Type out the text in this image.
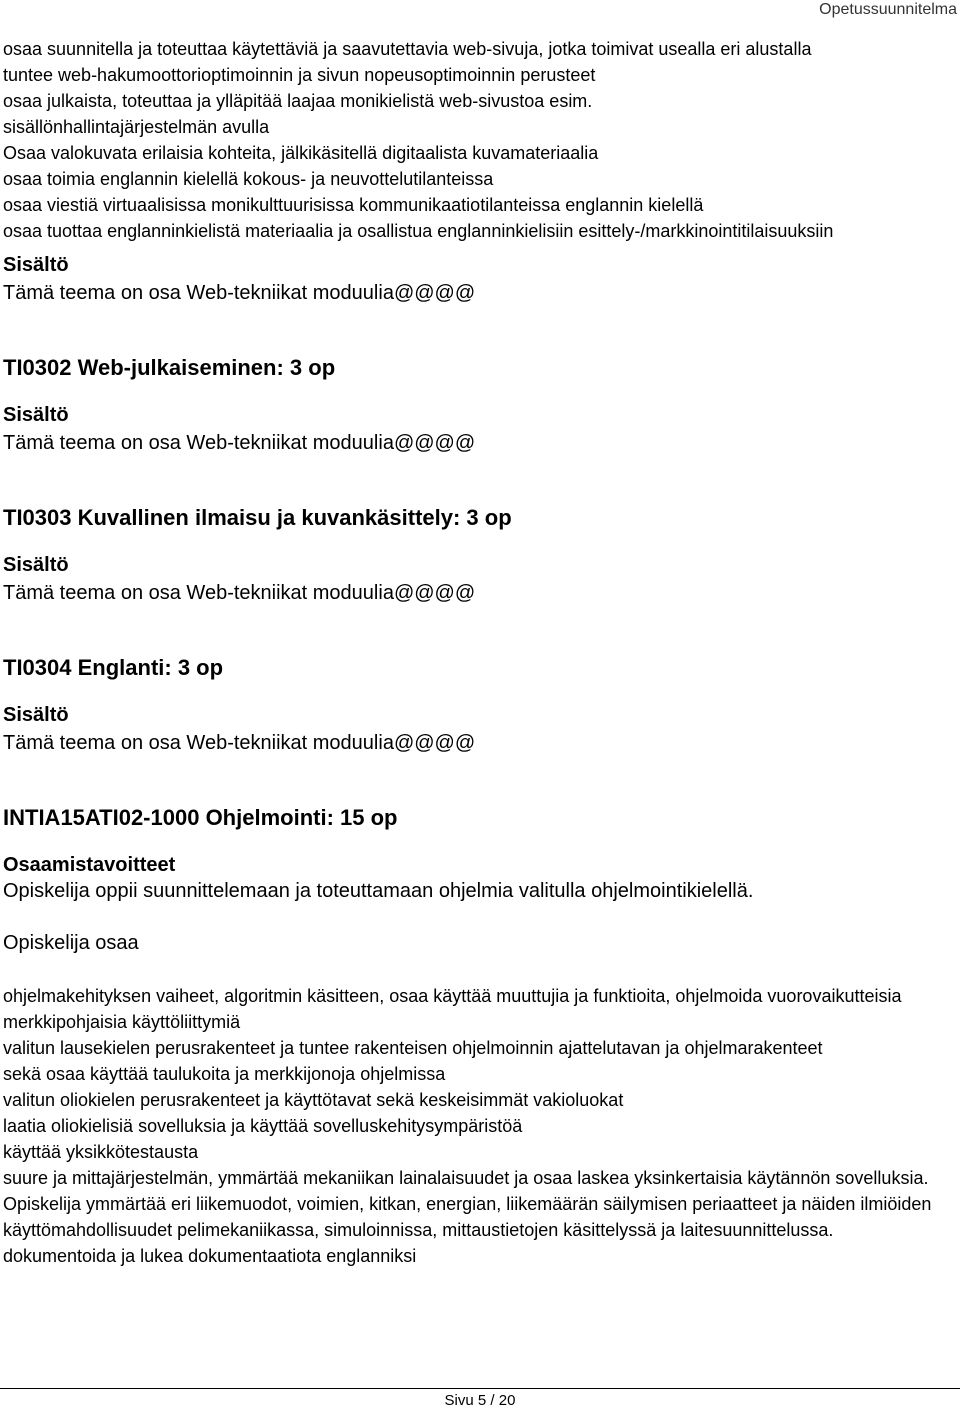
Opetussuunnitelma

osaa suunnitella ja toteuttaa käytettäviä ja saavutettavia web-sivuja, jotka toimivat usealla eri alustalla

tuntee web-hakumoottorioptimoinnin ja sivun nopeusoptimoinnin perusteet

osaa julkaista, toteuttaa ja ylläpitää laajaa monikielistä web-sivustoa esim. sisällönhallintajärjestelmän avulla

Osaa valokuvata erilaisia kohteita, jälkikäsitellä digitaalista kuvamateriaalia

osaa toimia englannin kielellä kokous- ja neuvottelutilanteissa

osaa viestiä virtuaalisissa monikulttuurisissa kommunikaatiotilanteissa englannin kielellä

osaa tuottaa englanninkielistä materiaalia ja osallistua englanninkielisiin esittely-/markkinointitilaisuuksiin

Sisältö

Tämä teema on osa Web-tekniikat moduulia@@@@

TI0302 Web-julkaiseminen: 3 op

Sisältö

Tämä teema on osa Web-tekniikat moduulia@@@@

TI0303 Kuvallinen ilmaisu ja kuvankäsittely: 3 op

Sisältö

Tämä teema on osa Web-tekniikat moduulia@@@@

TI0304 Englanti: 3 op

Sisältö

Tämä teema on osa Web-tekniikat moduulia@@@@

INTIA15ATI02-1000 Ohjelmointi: 15 op

Osaamistavoitteet

Opiskelija oppii suunnittelemaan ja toteuttamaan ohjelmia valitulla ohjelmointikielellä.

Opiskelija osaa

ohjelmakehityksen vaiheet, algoritmin käsitteen, osaa käyttää muuttujia ja funktioita, ohjelmoida vuorovaikutteisia merkkipohjaisia käyttöliittymiä

valitun lausekielen perusrakenteet ja tuntee rakenteisen ohjelmoinnin ajattelutavan ja ohjelmarakenteet sekä osaa käyttää taulukoita ja merkkijonoja ohjelmissa

valitun oliokielen perusrakenteet ja käyttötavat sekä keskeisimmät vakioluokat

laatia oliokielisiä sovelluksia ja käyttää sovelluskehitysympäristöä

käyttää yksikkötestausta

suure ja mittajärjestelmän, ymmärtää mekaniikan lainalaisuudet ja osaa laskea yksinkertaisia käytännön sovelluksia. Opiskelija ymmärtää eri liikemuodot, voimien, kitkan, energian, liikemäärän säilymisen periaatteet ja näiden ilmiöiden käyttömahdollisuudet pelimekaniikassa, simuloinnissa, mittaustietojen käsittelyssä ja laitesuunnittelussa.

dokumentoida ja lukea dokumentaatiota englanniksi

Sivu 5 / 20
